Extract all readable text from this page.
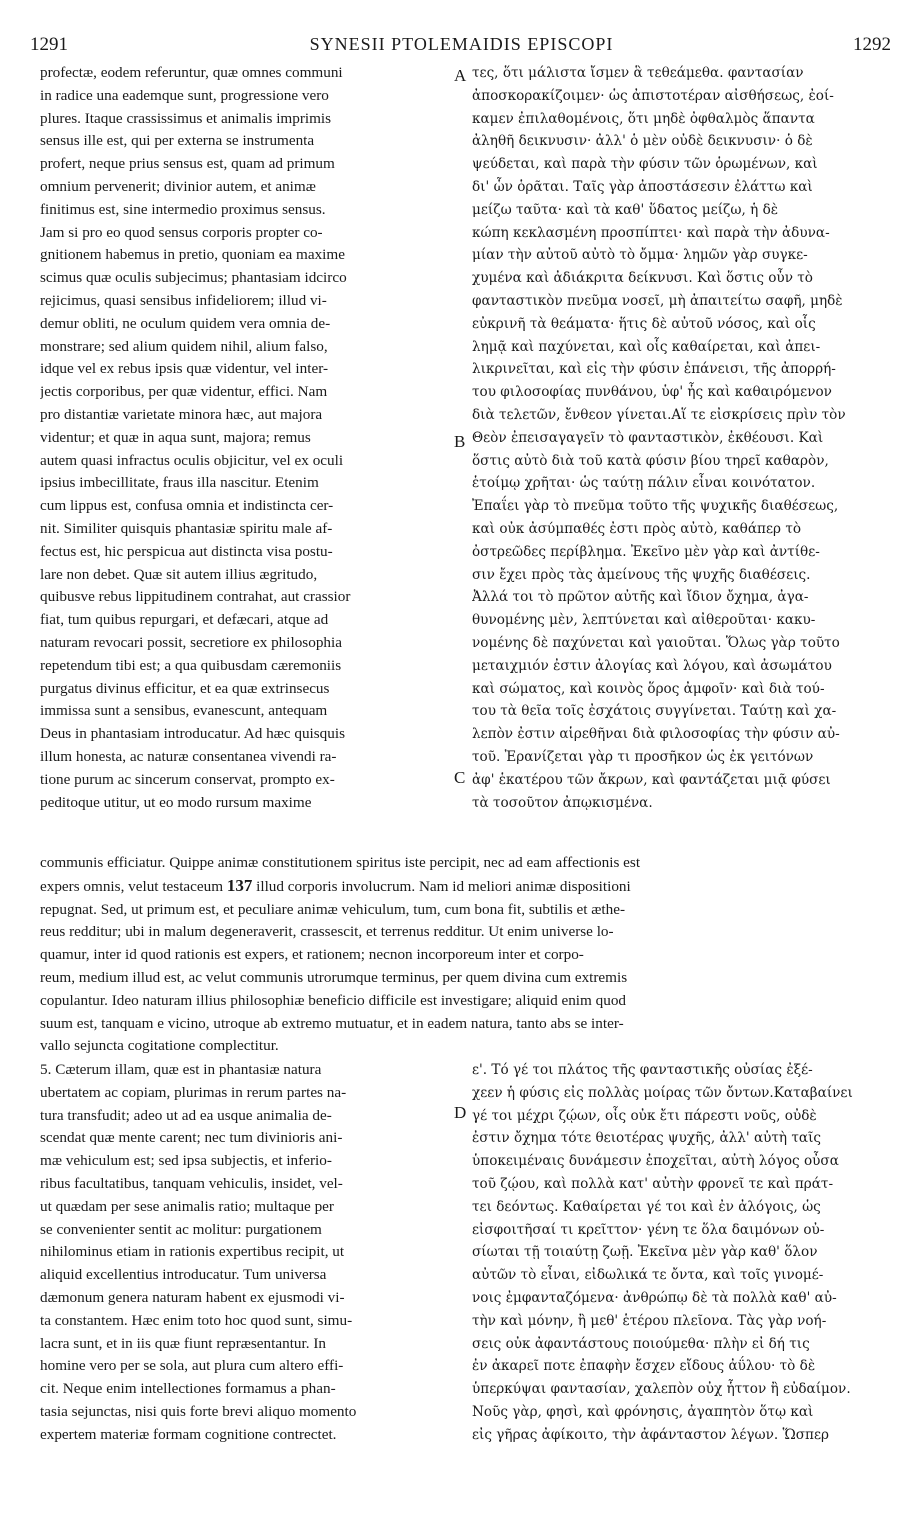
1291	SYNESII PTOLEMAIDIS EPISCOPI	1292
A
B
C
D
profectæ, eodem referuntur, quæ omnes communi
in radice una eademque sunt, progressione vero
plures. Itaque crassissimus et animalis imprimis
sensus ille est, qui per externa se instrumenta
profert, neque prius sensus est, quam ad primum
omnium pervenerit; divinior autem, et animæ
finitimus est, sine intermedio proximus sensus.
Jam si pro eo quod sensus corporis propter co-
gnitionem habemus in pretio, quoniam ea maxime
scimus quæ oculis subjecimus; phantasiam idcirco
rejicimus, quasi sensibus infideliorem; illud vi-
demur obliti, ne oculum quidem vera omnia de-
monstrare; sed alium quidem nihil, alium falso,
idque vel ex rebus ipsis quæ videntur, vel inter-
jectis corporibus, per quæ videntur, effici. Nam
pro distantiæ varietate minora hæc, aut majora
videntur; et quæ in aqua sunt, majora; remus
autem quasi infractus oculis objicitur, vel ex oculi
ipsius imbecillitate, fraus illa nascitur. Etenim
cum lippus est, confusa omnia et indistincta cer-
nit. Similiter quisquis phantasiæ spiritu male af-
fectus est, hic perspicua aut distincta visa postu-
lare non debet. Quæ sit autem illius ægritudo,
quibusve rebus lippitudinem contrahat, aut crassior
fiat, tum quibus repurgari, et defæcari, atque ad
naturam revocari possit, secretiore ex philosophia
repetendum tibi est; a qua quibusdam cæremoniis
purgatus divinus efficitur, et ea quæ extrinsecus
immissa sunt a sensibus, evanescunt, antequam
Deus in phantasiam introducatur. Ad hæc quisquis
illum honesta, ac naturæ consentanea vivendi ra-
tione purum ac sincerum conservat, prompto ex-
peditoque utitur, ut eo modo rursum maxime
τες, ὅτι μάλιστα ἴσμεν ἃ τεθεάμεθα. φαντασίαν
ἀποσκορακίζοιμεν· ὡς ἀπιστοτέραν αἰσθήσεως, ἐοί-
καμεν ἐπιλαθομένοις, ὅτι μηδὲ ὀφθαλμὸς ἅπαντα
ἀληθῆ δεικνυσιν· ἀλλ' ὁ μὲν οὐδὲ δεικνυσιν· ὁ δὲ
ψεύδεται, καὶ παρὰ τὴν φύσιν τῶν ὁρωμένων, καὶ
δι' ὧν ὁρᾶται. Ταῖς γὰρ ἀποστάσεσιν ἐλάττω καὶ
μείζω ταῦτα· καὶ τὰ καθ' ὕδατος μείζω, ἡ δὲ
κώπη κεκλασμένη προσπίπτει· καὶ παρὰ τὴν ἀδυνα-
μίαν τὴν αὐτοῦ αὐτὸ τὸ ὄμμα· λημῶν γὰρ συγκε-
χυμένα καὶ ἀδιάκριτα δείκνυσι. Καὶ ὅστις οὖν τὸ
φανταστικὸν πνεῦμα νοσεῖ, μὴ ἀπαιτείτω σαφῆ, μηδὲ
εὐκρινῆ τὰ θεάματα· ἥτις δὲ αὐτοῦ νόσος, καὶ οἷς
λημᾷ καὶ παχύνεται, καὶ οἷς καθαίρεται, καὶ ἀπει-
λικρινεῖται, καὶ εἰς τὴν φύσιν ἐπάνεισι, τῆς ἀπορρή-
του φιλοσοφίας πυνθάνου, ὑφ' ἧς καὶ καθαιρόμενον
διὰ τελετῶν, ἔνθεον γίνεται.Αἵ τε εἰσκρίσεις πρὶν τὸν
Θεὸν ἐπεισαγαγεῖν τὸ φανταστικὸν, ἐκθέουσι. Καὶ
ὅστις αὐτὸ διὰ τοῦ κατὰ φύσιν βίου τηρεῖ καθαρὸν,
ἑτοίμῳ χρῆται· ὡς ταύτῃ πάλιν εἶναι κοινότατον.
Ἐπαΐει γὰρ τὸ πνεῦμα τοῦτο τῆς ψυχικῆς διαθέσεως,
καὶ οὐκ ἀσύμπαθές ἐστι πρὸς αὐτὸ, καθάπερ τὸ
ὀστρεῶδες περίβλημα. Ἐκεῖνο μὲν γὰρ καὶ ἀντίθε-
σιν ἔχει πρὸς τὰς ἀμείνους τῆς ψυχῆς διαθέσεις.
Ἀλλά τοι τὸ πρῶτον αὐτῆς καὶ ἴδιον ὄχημα, ἀγα-
θυνομένης μὲν, λεπτύνεται καὶ αἰθεροῦται· κακυ-
νομένης δὲ παχύνεται καὶ γαιοῦται. Ὅλως γὰρ τοῦτο
μεταιχμιόν ἐστιν ἀλογίας καὶ λόγου, καὶ ἀσωμάτου
καὶ σώματος, καὶ κοινὸς ὅρος ἀμφοῖν· καὶ διὰ τού-
του τὰ θεῖα τοῖς ἐσχάτοις συγγίνεται. Ταύτῃ καὶ χα-
λεπὸν ἐστιν αἱρεθῆναι διὰ φιλοσοφίας τὴν φύσιν αὐ-
τοῦ. Ἐρανίζεται γὰρ τι προσῆκον ὡς ἐκ γειτόνων
ἀφ' ἑκατέρου τῶν ἄκρων, καὶ φαντάζεται μιᾷ φύσει
τὰ τοσοῦτον ἀπῳκισμένα.
communis efficiatur. Quippe animæ constitutionem spiritus iste percipit, nec ad eam affectionis est
expers omnis, velut testaceum 137 illud corporis involucrum. Nam id meliori animæ dispositioni
repugnat. Sed, ut primum est, et peculiare animæ vehiculum, tum, cum bona fit, subtilis et æthe-
reus redditur; ubi in malum degeneraverit, crassescit, et terrenus redditur. Ut enim universe lo-
quamur, inter id quod rationis est expers, et rationem; necnon incorporeum inter et corpo-
reum, medium illud est, ac velut communis utrorumque terminus, per quem divina cum extremis
copulantur. Ideo naturam illius philosophiæ beneficio difficile est investigare; aliquid enim quod
suum est, tanquam e vicino, utroque ab extremo mutuatur, et in eadem natura, tanto abs se inter-
vallo sejuncta cogitatione complectitur.
5. Cæterum illam, quæ est in phantasiæ natura
ubertatem ac copiam, plurimas in rerum partes na-
tura transfudit; adeo ut ad ea usque animalia de-
scendat quæ mente carent; nec tum divinioris ani-
mæ vehiculum est; sed ipsa subjectis, et inferio-
ribus facultatibus, tanquam vehiculis, insidet, vel-
ut quædam per sese animalis ratio; multaque per
se convenienter sentit ac molitur: purgationem
nihilominus etiam in rationis expertibus recipit, ut
aliquid excellentius introducatur. Tum universa
dæmonum genera naturam habent ex ejusmodi vi-
ta constantem. Hæc enim toto hoc quod sunt, simu-
lacra sunt, et in iis quæ fiunt repræsentantur. In
homine vero per se sola, aut plura cum altero effi-
cit. Neque enim intellectiones formamus a phan-
tasia sejunctas, nisi quis forte brevi aliquo momento
expertem materiæ formam cognitione contrectet.
ε'. Τό γέ τοι πλάτος τῆς φανταστικῆς οὐσίας ἐξέ-
χεεν ἡ φύσις εἰς πολλὰς μοίρας τῶν ὄντων.Καταβαίνει
γέ τοι μέχρι ζῴων, οἷς οὐκ ἔτι πάρεστι νοῦς, οὐδὲ
ἐστιν ὄχημα τότε θειοτέρας ψυχῆς, ἀλλ' αὐτὴ ταῖς
ὑποκειμέναις δυνάμεσιν ἐποχεῖται, αὐτὴ λόγος οὖσα
τοῦ ζῴου, καὶ πολλὰ κατ' αὐτὴν φρονεῖ τε καὶ πράτ-
τει δεόντως. Καθαίρεται γέ τοι καὶ ἐν ἀλόγοις, ὡς
εἰσφοιτῆσαί τι κρεῖττον· γένη τε ὅλα δαιμόνων οὐ-
σίωται τῇ τοιαύτῃ ζωῇ. Ἐκεῖνα μὲν γὰρ καθ' ὅλον
αὐτῶν τὸ εἶναι, εἰδωλικά τε ὄντα, καὶ τοῖς γινομέ-
νοις ἐμφανταζόμενα· ἀνθρώπῳ δὲ τὰ πολλὰ καθ' αὐ-
τὴν καὶ μόνην, ἢ μεθ' ἑτέρου πλεῖονα. Τὰς γὰρ νοή-
σεις οὐκ ἀφαντάστους ποιούμεθα· πλὴν εἰ δή τις
ἐν ἀκαρεῖ ποτε ἐπαφὴν ἔσχεν εἴδους ἀΰλου· τὸ δὲ
ὑπερκύψαι φαντασίαν, χαλεπὸν οὐχ ἧττον ἢ εὐδαίμον.
Νοῦς γὰρ, φησὶ, καὶ φρόνησις, ἀγαπητὸν ὅτῳ καὶ
εἰς γῆρας ἀφίκοιτο, τὴν ἀφάνταστον λέγων. Ὥσπερ
